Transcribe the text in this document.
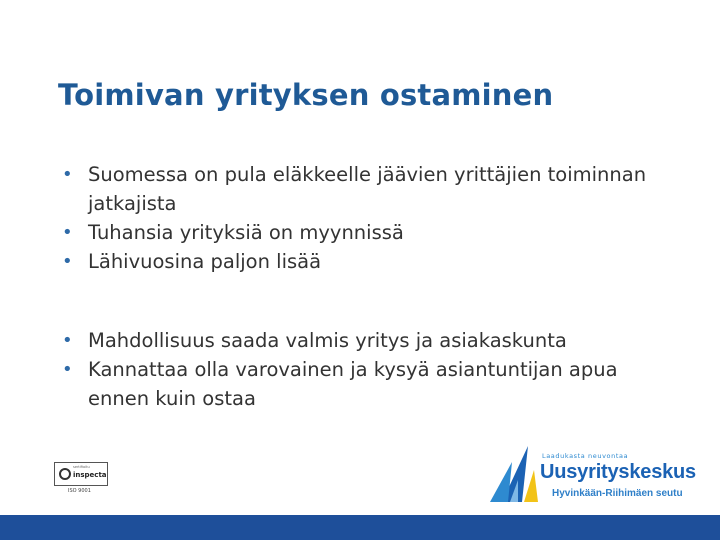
Toimivan yrityksen ostaminen
• Suomessa on pula eläkkeelle jäävien yrittäjien toiminnan jatkajista
• Tuhansia yrityksiä on myynnissä
• Lähivuosina paljon lisää
• Mahdollisuus saada valmis yritys ja asiakaskunta
• Kannattaa olla varovainen ja kysyä asiantuntijan apua ennen kuin ostaa
sertifioitu
inspecta
ISO 9001
Laadukasta neuvontaa
Uusyrityskeskus
Hyvinkään-Riihimäen seutu
